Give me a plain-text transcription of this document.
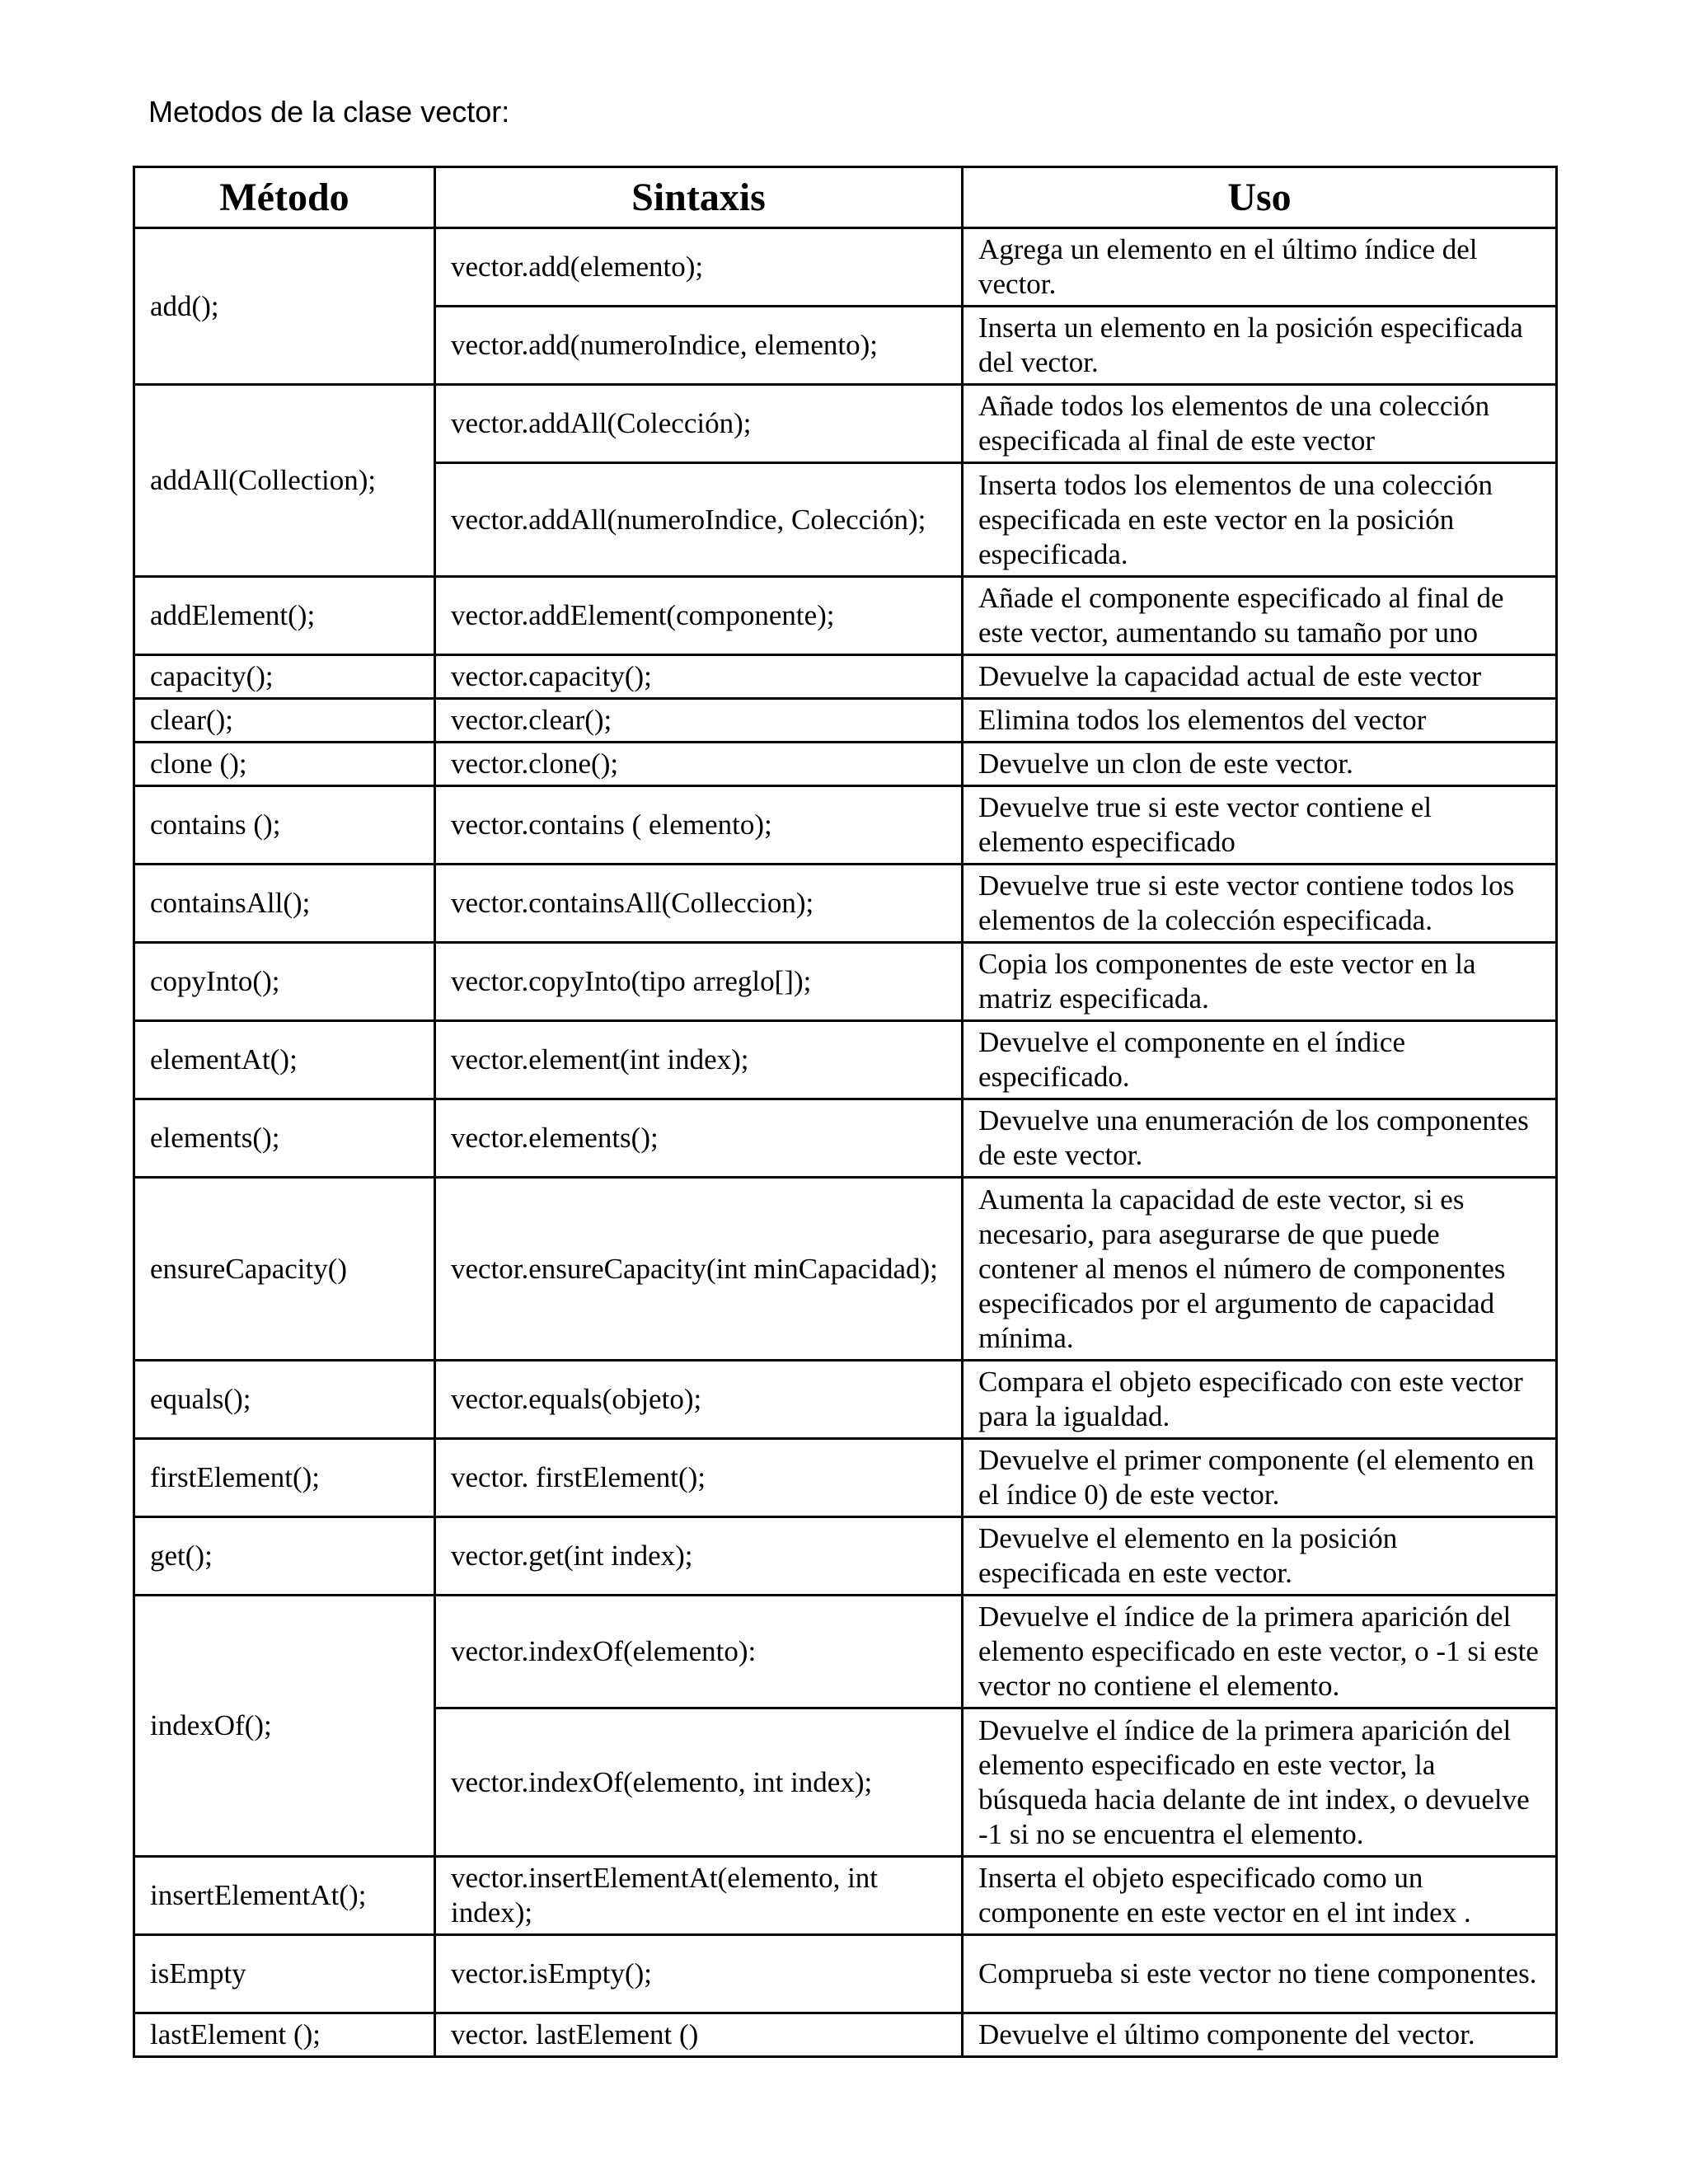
Metodos de la clase vector:
Método	Sintaxis	Uso
add();	vector.add(elemento);	Agrega un elemento en el último índice del vector.
	vector.add(numeroIndice, elemento);	Inserta un elemento en la posición especificada del vector.
addAll(Collection);	vector.addAll(Colección);	Añade todos los elementos de una colección especificada al final de este vector
	vector.addAll(numeroIndice, Colección);	Inserta todos los elementos de una colección especificada en este vector en la posición especificada.
addElement();	vector.addElement(componente);	Añade el componente especificado al final de este vector, aumentando su tamaño por uno
capacity();	vector.capacity();	Devuelve la capacidad actual de este vector
clear();	vector.clear();	Elimina todos los elementos del vector
clone ();	vector.clone();	Devuelve un clon de este vector.
contains ();	vector.contains ( elemento);	Devuelve true si este vector contiene el elemento especificado
containsAll();	vector.containsAll(Colleccion);	Devuelve true si este vector contiene todos los elementos de la colección especificada.
copyInto();	vector.copyInto(tipo arreglo[]);	Copia los componentes de este vector en la matriz especificada.
elementAt();	vector.element(int index);	Devuelve el componente en el índice especificado.
elements();	vector.elements();	Devuelve una enumeración de los componentes de este vector.
ensureCapacity()	vector.ensureCapacity(int minCapacidad);	Aumenta la capacidad de este vector, si es necesario, para asegurarse de que puede contener al menos el número de componentes especificados por el argumento de capacidad mínima.
equals();	vector.equals(objeto);	Compara el objeto especificado con este vector para la igualdad.
firstElement();	vector. firstElement();	Devuelve el primer componente (el elemento en el índice 0) de este vector.
get();	vector.get(int index);	Devuelve el elemento en la posición especificada en este vector.
indexOf();	vector.indexOf(elemento):	Devuelve el índice de la primera aparición del elemento especificado en este vector, o -1 si este vector no contiene el elemento.
	vector.indexOf(elemento, int index);	Devuelve el índice de la primera aparición del elemento especificado en este vector, la búsqueda hacia delante de int index, o devuelve -1 si no se encuentra el elemento.
insertElementAt();	vector.insertElementAt(elemento, int index);	Inserta el objeto especificado como un componente en este vector en el int index .
isEmpty	vector.isEmpty();	Comprueba si este vector no tiene componentes.
lastElement ();	vector. lastElement ()	Devuelve el último componente del vector.
